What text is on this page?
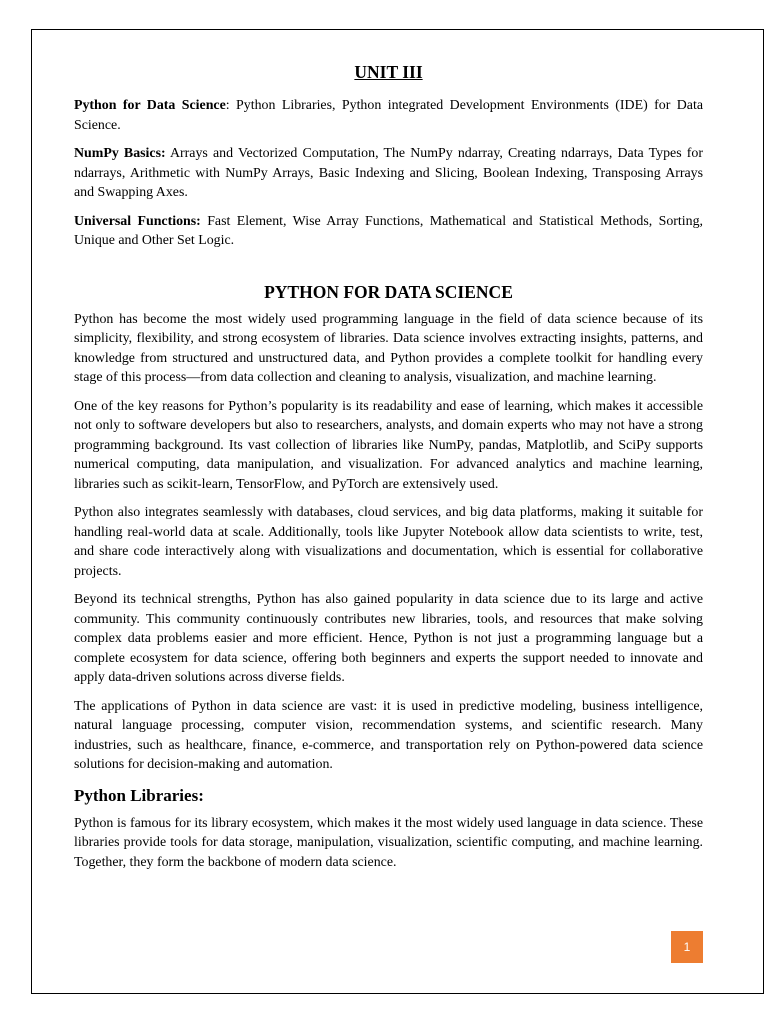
UNIT III

Python for Data Science: Python Libraries, Python integrated Development Environments (IDE) for Data Science.

NumPy Basics: Arrays and Vectorized Computation, The NumPy ndarray, Creating ndarrays, Data Types for ndarrays, Arithmetic with NumPy Arrays, Basic Indexing and Slicing, Boolean Indexing, Transposing Arrays and Swapping Axes.

Universal Functions: Fast Element, Wise Array Functions, Mathematical and Statistical Methods, Sorting, Unique and Other Set Logic.

PYTHON FOR DATA SCIENCE

Python has become the most widely used programming language in the field of data science because of its simplicity, flexibility, and strong ecosystem of libraries. Data science involves extracting insights, patterns, and knowledge from structured and unstructured data, and Python provides a complete toolkit for handling every stage of this process—from data collection and cleaning to analysis, visualization, and machine learning.

One of the key reasons for Python’s popularity is its readability and ease of learning, which makes it accessible not only to software developers but also to researchers, analysts, and domain experts who may not have a strong programming background. Its vast collection of libraries like NumPy, pandas, Matplotlib, and SciPy supports numerical computing, data manipulation, and visualization. For advanced analytics and machine learning, libraries such as scikit-learn, TensorFlow, and PyTorch are extensively used.

Python also integrates seamlessly with databases, cloud services, and big data platforms, making it suitable for handling real-world data at scale. Additionally, tools like Jupyter Notebook allow data scientists to write, test, and share code interactively along with visualizations and documentation, which is essential for collaborative projects.

Beyond its technical strengths, Python has also gained popularity in data science due to its large and active community. This community continuously contributes new libraries, tools, and resources that make solving complex data problems easier and more efficient. Hence, Python is not just a programming language but a complete ecosystem for data science, offering both beginners and experts the support needed to innovate and apply data-driven solutions across diverse fields.

The applications of Python in data science are vast: it is used in predictive modeling, business intelligence, natural language processing, computer vision, recommendation systems, and scientific research. Many industries, such as healthcare, finance, e-commerce, and transportation rely on Python-powered data science solutions for decision-making and automation.

Python Libraries:

Python is famous for its library ecosystem, which makes it the most widely used language in data science. These libraries provide tools for data storage, manipulation, visualization, scientific computing, and machine learning. Together, they form the backbone of modern data science.

1
